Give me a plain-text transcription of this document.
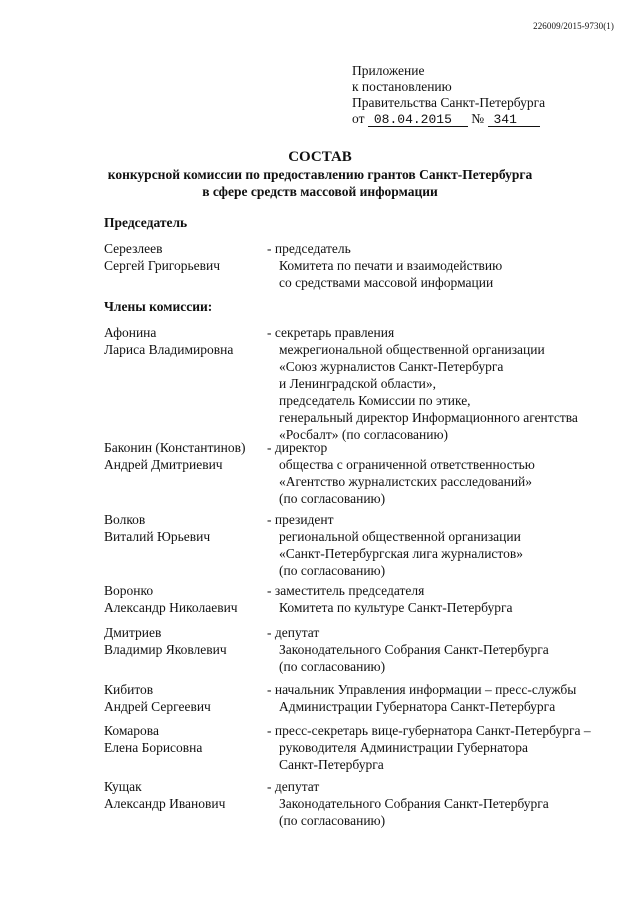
226009/2015-9730(1)
Приложение
к постановлению
Правительства Санкт-Петербурга
от 08.04.2015 № 341
СОСТАВ
конкурсной комиссии по предоставлению грантов Санкт-Петербурга
в сфере средств массовой информации
Председатель
Серезлеев
Сергей Григорьевич
- председатель
Комитета по печати и взаимодействию
со средствами массовой информации
Члены комиссии:
Афонина
Лариса Владимировна
- секретарь правления
межрегиональной общественной организации
«Союз журналистов Санкт-Петербурга
и Ленинградской области»,
председатель Комиссии по этике,
генеральный директор Информационного агентства
«Росбалт» (по согласованию)
Баконин (Константинов)
Андрей Дмитриевич
- директор
общества с ограниченной ответственностью
«Агентство журналистских расследований»
(по согласованию)
Волков
Виталий Юрьевич
- президент
региональной общественной организации
«Санкт-Петербургская лига журналистов»
(по согласованию)
Воронко
Александр Николаевич
- заместитель председателя
Комитета по культуре Санкт-Петербурга
Дмитриев
Владимир Яковлевич
- депутат
Законодательного Собрания Санкт-Петербурга
(по согласованию)
Кибитов
Андрей Сергеевич
- начальник Управления информации – пресс-службы
Администрации Губернатора Санкт-Петербурга
Комарова
Елена Борисовна
- пресс-секретарь вице-губернатора Санкт-Петербурга –
руководителя Администрации Губернатора
Санкт-Петербурга
Кущак
Александр Иванович
- депутат
Законодательного Собрания Санкт-Петербурга
(по согласованию)
